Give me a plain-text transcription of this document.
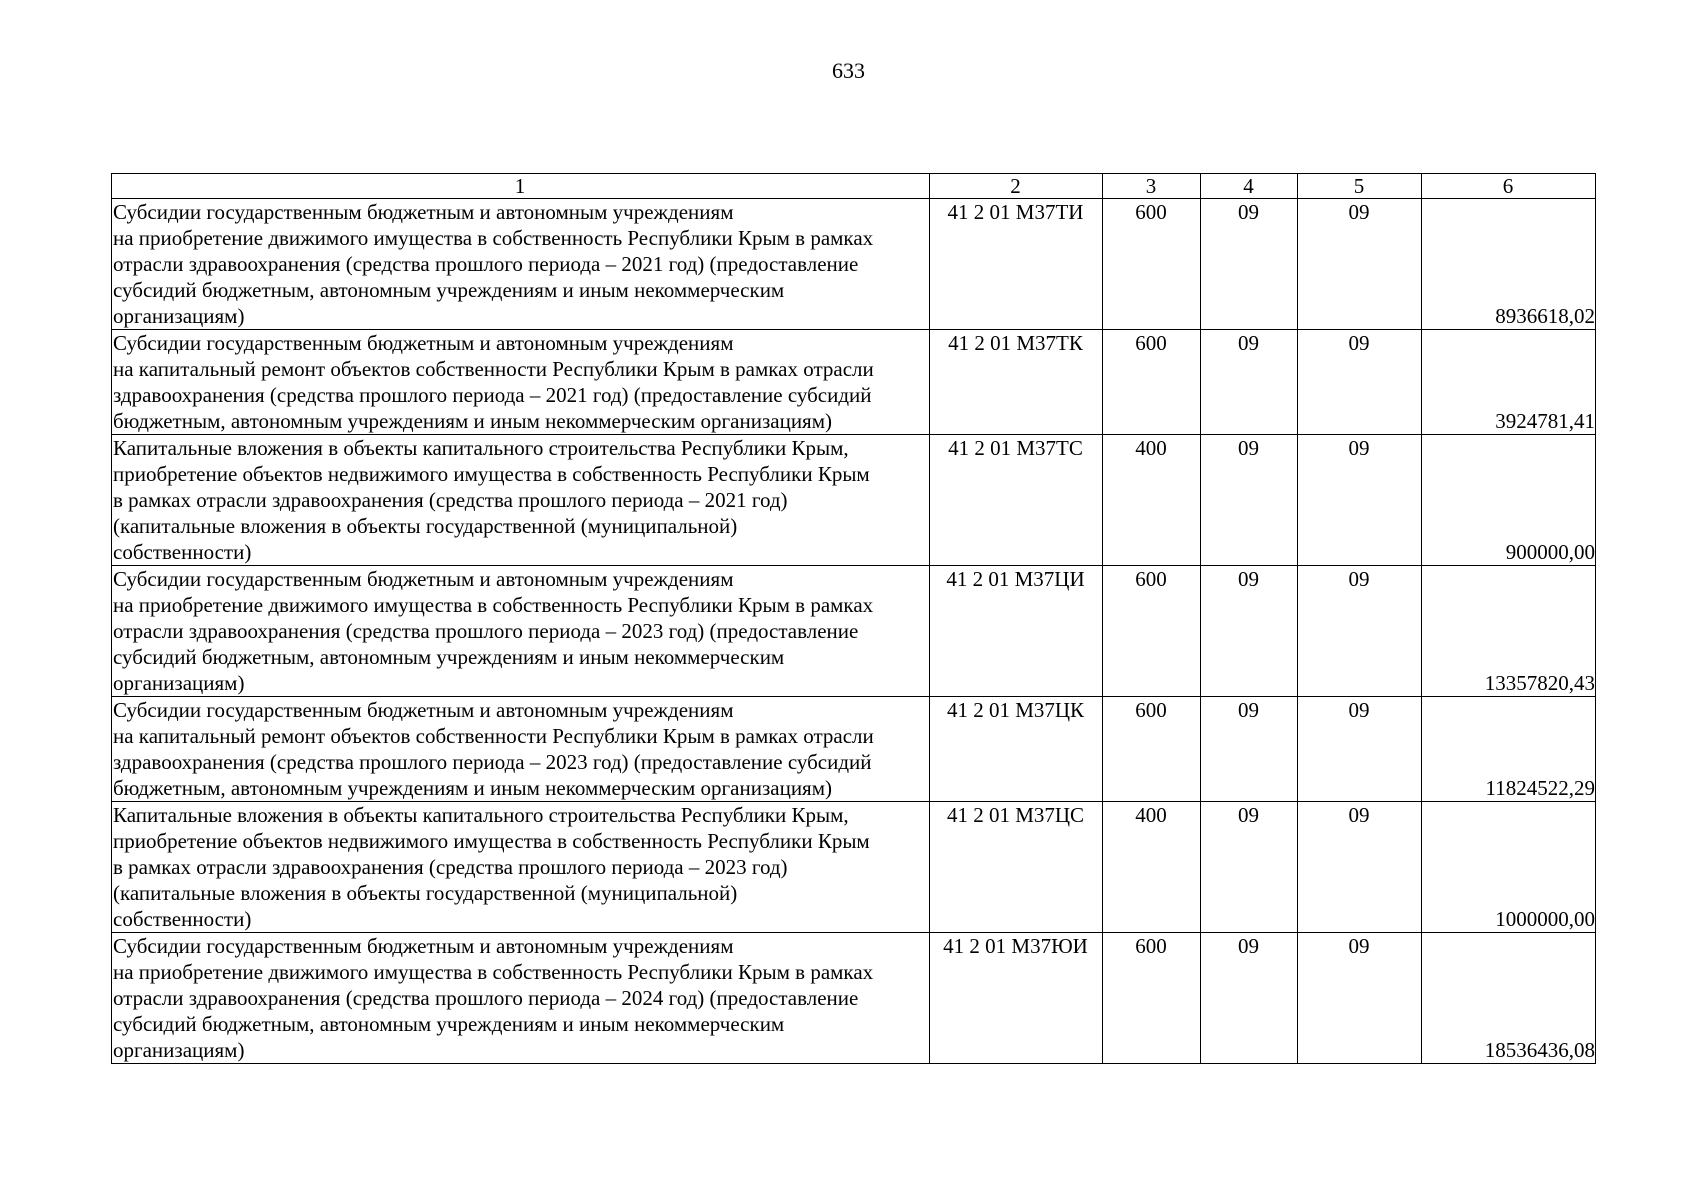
633
1	2	3	4	5	6
Субсидии государственным бюджетным и автономным учреждениям
на приобретение движимого имущества в собственность Республики Крым в рамках
отрасли здравоохранения (средства прошлого периода – 2021 год) (предоставление
субсидий бюджетным, автономным учреждениям и иным некоммерческим
организациям)	41 2 01 М37ТИ	600	09	09	8936618,02
Субсидии государственным бюджетным и автономным учреждениям
на капитальный ремонт объектов собственности Республики Крым в рамках отрасли
здравоохранения (средства прошлого периода – 2021 год) (предоставление субсидий
бюджетным, автономным учреждениям и иным некоммерческим организациям)	41 2 01 М37ТК	600	09	09	3924781,41
Капитальные вложения в объекты капитального строительства Республики Крым,
приобретение объектов недвижимого имущества в собственность Республики Крым
в рамках отрасли здравоохранения (средства прошлого периода – 2021 год)
(капитальные вложения в объекты государственной (муниципальной)
собственности)	41 2 01 М37ТС	400	09	09	900000,00
Субсидии государственным бюджетным и автономным учреждениям
на приобретение движимого имущества в собственность Республики Крым в рамках
отрасли здравоохранения (средства прошлого периода – 2023 год) (предоставление
субсидий бюджетным, автономным учреждениям и иным некоммерческим
организациям)	41 2 01 М37ЦИ	600	09	09	13357820,43
Субсидии государственным бюджетным и автономным учреждениям
на капитальный ремонт объектов собственности Республики Крым в рамках отрасли
здравоохранения (средства прошлого периода – 2023 год) (предоставление субсидий
бюджетным, автономным учреждениям и иным некоммерческим организациям)	41 2 01 М37ЦК	600	09	09	11824522,29
Капитальные вложения в объекты капитального строительства Республики Крым,
приобретение объектов недвижимого имущества в собственность Республики Крым
в рамках отрасли здравоохранения (средства прошлого периода – 2023 год)
(капитальные вложения в объекты государственной (муниципальной)
собственности)	41 2 01 М37ЦС	400	09	09	1000000,00
Субсидии государственным бюджетным и автономным учреждениям
на приобретение движимого имущества в собственность Республики Крым в рамках
отрасли здравоохранения (средства прошлого периода – 2024 год) (предоставление
субсидий бюджетным, автономным учреждениям и иным некоммерческим
организациям)	41 2 01 М37ЮИ	600	09	09	18536436,08
